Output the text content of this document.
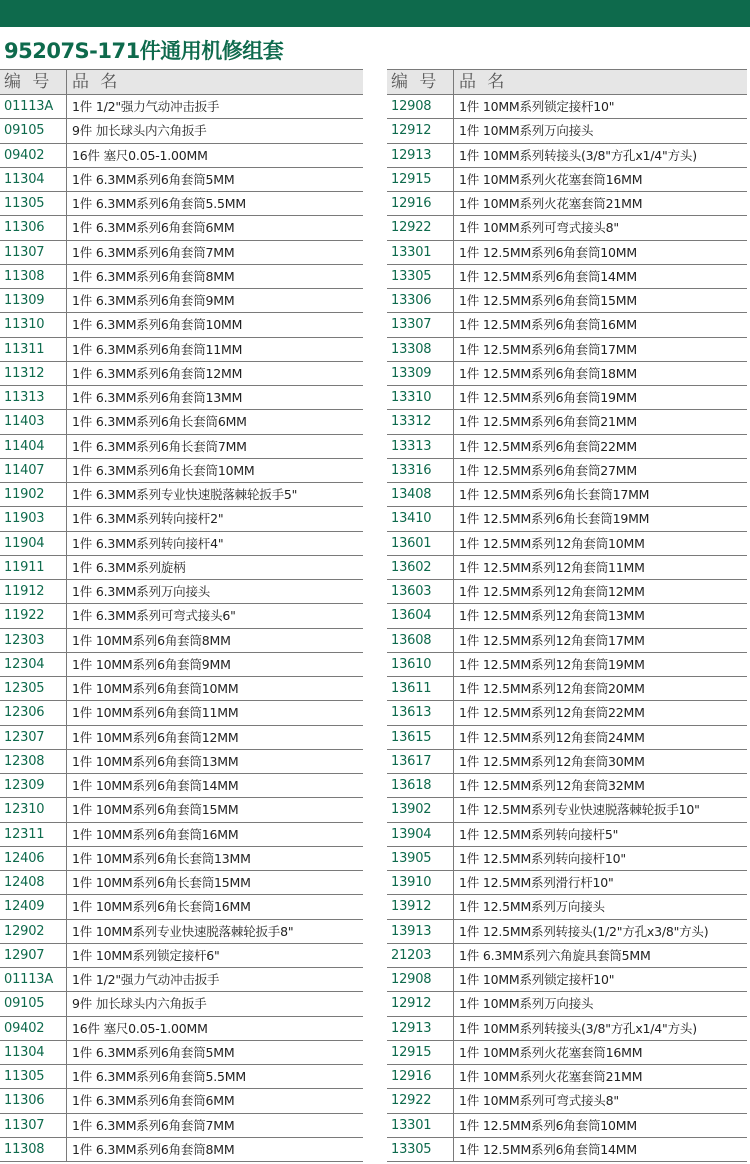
95207S-171件通用机修组套
编 号	品 名
01113A	1件 1/2"强力气动冲击扳手
09105	9件 加长球头内六角扳手
09402	16件 塞尺0.05-1.00MM
11304	1件 6.3MM系列6角套筒5MM
11305	1件 6.3MM系列6角套筒5.5MM
11306	1件 6.3MM系列6角套筒6MM
11307	1件 6.3MM系列6角套筒7MM
11308	1件 6.3MM系列6角套筒8MM
11309	1件 6.3MM系列6角套筒9MM
11310	1件 6.3MM系列6角套筒10MM
11311	1件 6.3MM系列6角套筒11MM
11312	1件 6.3MM系列6角套筒12MM
11313	1件 6.3MM系列6角套筒13MM
11403	1件 6.3MM系列6角长套筒6MM
11404	1件 6.3MM系列6角长套筒7MM
11407	1件 6.3MM系列6角长套筒10MM
11902	1件 6.3MM系列专业快速脱落棘轮扳手5"
11903	1件 6.3MM系列转向接杆2"
11904	1件 6.3MM系列转向接杆4"
11911	1件 6.3MM系列旋柄
11912	1件 6.3MM系列万向接头
11922	1件 6.3MM系列可弯式接头6"
12303	1件 10MM系列6角套筒8MM
12304	1件 10MM系列6角套筒9MM
12305	1件 10MM系列6角套筒10MM
12306	1件 10MM系列6角套筒11MM
12307	1件 10MM系列6角套筒12MM
12308	1件 10MM系列6角套筒13MM
12309	1件 10MM系列6角套筒14MM
12310	1件 10MM系列6角套筒15MM
12311	1件 10MM系列6角套筒16MM
12406	1件 10MM系列6角长套筒13MM
12408	1件 10MM系列6角长套筒15MM
12409	1件 10MM系列6角长套筒16MM
12902	1件 10MM系列专业快速脱落棘轮扳手8"
12907	1件 10MM系列锁定接杆6"
01113A	1件 1/2"强力气动冲击扳手
09105	9件 加长球头内六角扳手
09402	16件 塞尺0.05-1.00MM
11304	1件 6.3MM系列6角套筒5MM
11305	1件 6.3MM系列6角套筒5.5MM
11306	1件 6.3MM系列6角套筒6MM
11307	1件 6.3MM系列6角套筒7MM
11308	1件 6.3MM系列6角套筒8MM
编 号	品 名
12908	1件 10MM系列锁定接杆10"
12912	1件 10MM系列万向接头
12913	1件 10MM系列转接头(3/8"方孔x1/4"方头)
12915	1件 10MM系列火花塞套筒16MM
12916	1件 10MM系列火花塞套筒21MM
12922	1件 10MM系列可弯式接头8"
13301	1件 12.5MM系列6角套筒10MM
13305	1件 12.5MM系列6角套筒14MM
13306	1件 12.5MM系列6角套筒15MM
13307	1件 12.5MM系列6角套筒16MM
13308	1件 12.5MM系列6角套筒17MM
13309	1件 12.5MM系列6角套筒18MM
13310	1件 12.5MM系列6角套筒19MM
13312	1件 12.5MM系列6角套筒21MM
13313	1件 12.5MM系列6角套筒22MM
13316	1件 12.5MM系列6角套筒27MM
13408	1件 12.5MM系列6角长套筒17MM
13410	1件 12.5MM系列6角长套筒19MM
13601	1件 12.5MM系列12角套筒10MM
13602	1件 12.5MM系列12角套筒11MM
13603	1件 12.5MM系列12角套筒12MM
13604	1件 12.5MM系列12角套筒13MM
13608	1件 12.5MM系列12角套筒17MM
13610	1件 12.5MM系列12角套筒19MM
13611	1件 12.5MM系列12角套筒20MM
13613	1件 12.5MM系列12角套筒22MM
13615	1件 12.5MM系列12角套筒24MM
13617	1件 12.5MM系列12角套筒30MM
13618	1件 12.5MM系列12角套筒32MM
13902	1件 12.5MM系列专业快速脱落棘轮扳手10"
13904	1件 12.5MM系列转向接杆5"
13905	1件 12.5MM系列转向接杆10"
13910	1件 12.5MM系列滑行杆10"
13912	1件 12.5MM系列万向接头
13913	1件 12.5MM系列转接头(1/2"方孔x3/8"方头)
21203	1件 6.3MM系列六角旋具套筒5MM
12908	1件 10MM系列锁定接杆10"
12912	1件 10MM系列万向接头
12913	1件 10MM系列转接头(3/8"方孔x1/4"方头)
12915	1件 10MM系列火花塞套筒16MM
12916	1件 10MM系列火花塞套筒21MM
12922	1件 10MM系列可弯式接头8"
13301	1件 12.5MM系列6角套筒10MM
13305	1件 12.5MM系列6角套筒14MM
